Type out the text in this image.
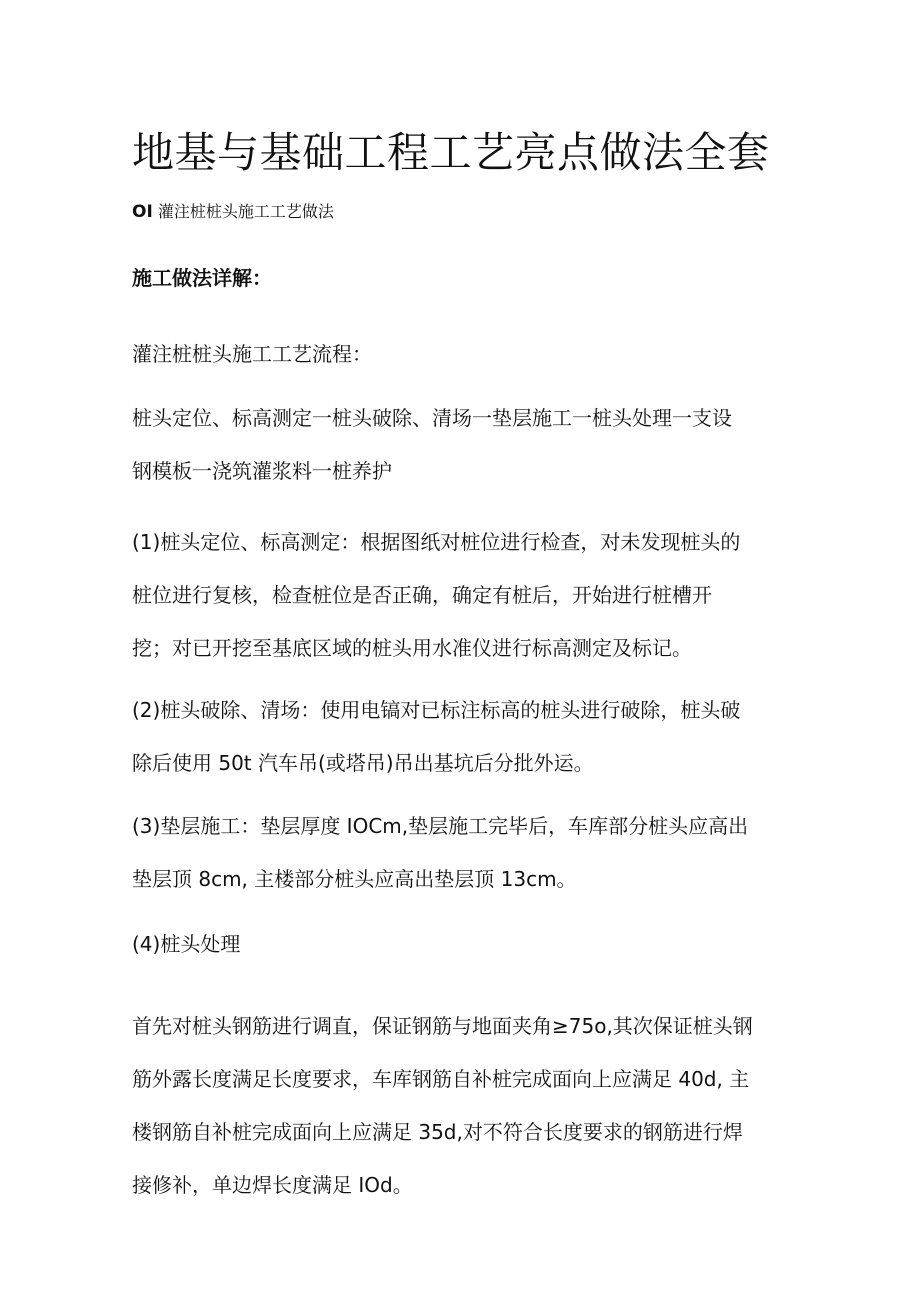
地基与基础工程工艺亮点做法全套

OI 灌注桩桩头施工工艺做法

施工做法详解：

灌注桩桩头施工工艺流程：

桩头定位、标高测定一桩头破除、清场一垫层施工一桩头处理一支设
钢模板一浇筑灌浆料一桩养护

(1)桩头定位、标高测定：根据图纸对桩位进行检查，对未发现桩头的
桩位进行复核，检查桩位是否正确，确定有桩后，开始进行桩槽开
挖；对已开挖至基底区域的桩头用水准仪进行标高测定及标记。

(2)桩头破除、清场：使用电镐对已标注标高的桩头进行破除，桩头破
除后使用 50t 汽车吊(或塔吊)吊出基坑后分批外运。

(3)垫层施工：垫层厚度 IOCm,垫层施工完毕后，车库部分桩头应高出
垫层顶 8cm, 主楼部分桩头应高出垫层顶 13cm。

(4)桩头处理

首先对桩头钢筋进行调直，保证钢筋与地面夹角≥75o,其次保证桩头钢
筋外露长度满足长度要求，车库钢筋自补桩完成面向上应满足 40d, 主
楼钢筋自补桩完成面向上应满足 35d,对不符合长度要求的钢筋进行焊
接修补，单边焊长度满足 IOd。
